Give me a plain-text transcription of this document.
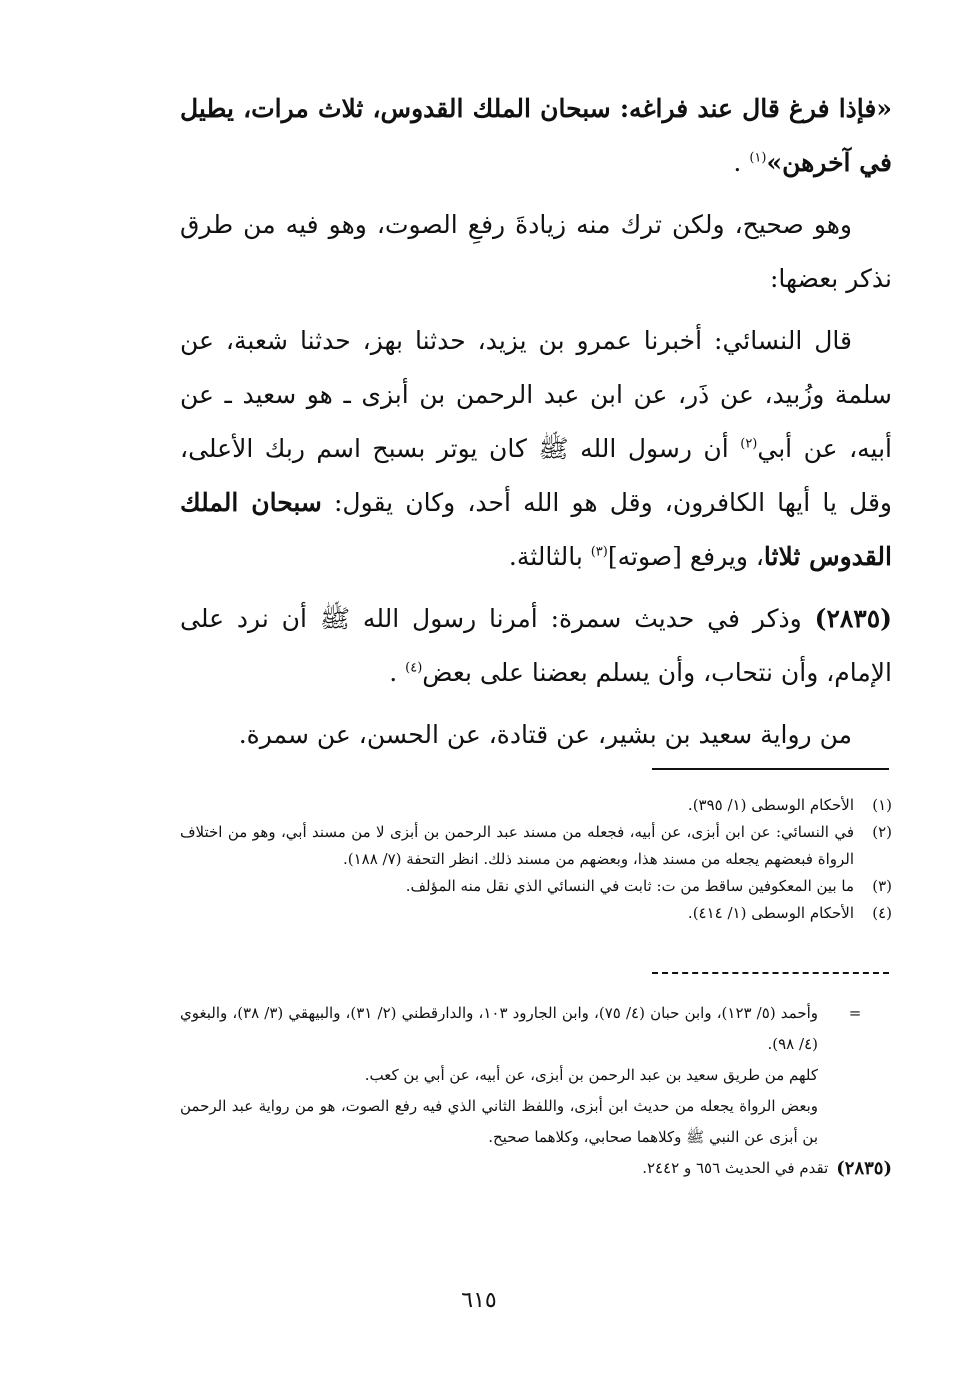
«فإذا فرغ قال عند فراغه: سبحان الملك القدوس، ثلاث مرات، يطيل في آخرهن»$^{(١)}$ .

وهو صحيح، ولكن ترك منه زيادةَ رفعِ الصوت، وهو فيه من طرق نذكر بعضها:

قال النسائي: أخبرنا عمرو بن يزيد، حدثنا بهز، حدثنا شعبة، عن سلمة وزُبيد، عن ذَر، عن ابن عبد الرحمن بن أبزى ـ هو سعيد ـ عن أبيه، عن أبي$^{(٢)}$ أن رسول الله ﷺ كان يوتر بسبح اسم ربك الأعلى، وقل يا أيها الكافرون، وقل هو الله أحد، وكان يقول: سبحان الملك القدوس ثلاثا، ويرفع [صوته]$^{(٣)}$ بالثالثة.

(٢٨٣٥) وذكر في حديث سمرة: أمرنا رسول الله ﷺ أن نرد على الإمام، وأن نتحاب، وأن يسلم بعضنا على بعض$^{(٤)}$ .

من رواية سعيد بن بشير، عن قتادة، عن الحسن، عن سمرة.

(١)
الأحكام الوسطى (١/ ٣٩٥).
(٢)
في النسائي: عن ابن أبزى، عن أبيه، فجعله من مسند عبد الرحمن بن أبزى لا من مسند أبي، وهو من اختلاف الرواة فبعضهم يجعله من مسند هذا، وبعضهم من مسند ذلك. انظر التحفة (٧/ ١٨٨).
(٣)
ما بين المعكوفين ساقط من ت: ثابت في النسائي الذي نقل منه المؤلف.
(٤)
الأحكام الوسطى (١/ ٤١٤).
=
وأحمد (٥/ ١٢٣)، وابن حبان (٤/ ٧٥)، وابن الجارود ١٠٣، والدارقطني (٢/ ٣١)، والبيهقي (٣/ ٣٨)، والبغوي (٤/ ٩٨).
كلهم من طريق سعيد بن عبد الرحمن بن أبزى، عن أبيه، عن أبي بن كعب.
وبعض الرواة يجعله من حديث ابن أبزى، واللفظ الثاني الذي فيه رفع الصوت، هو من رواية عبد الرحمن بن أبزى عن النبي ﷺ وكلاهما صحابي، وكلاهما صحيح.
(٢٨٣٥)
تقدم في الحديث ٦٥٦ و ٢٤٤٢.
٦١٥
